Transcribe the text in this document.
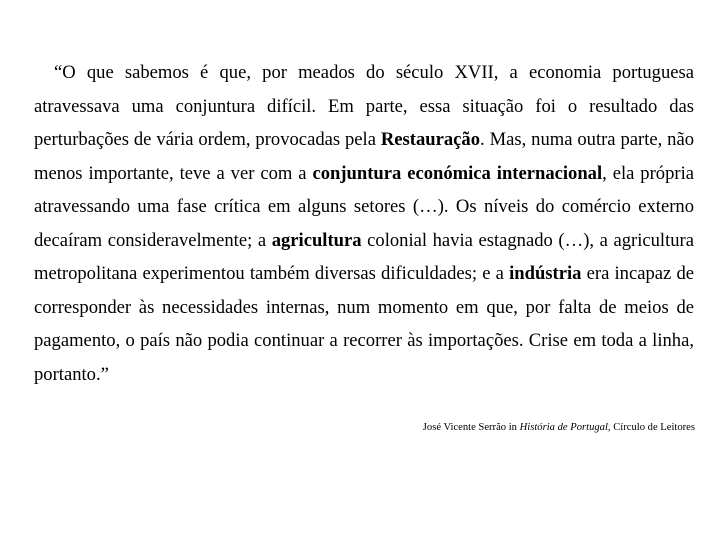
“O que sabemos é que, por meados do século XVII, a economia portuguesa atravessava uma conjuntura difícil. Em parte, essa situação foi o resultado das perturbações de vária ordem, provocadas pela Restauração. Mas, numa outra parte, não menos importante, teve a ver com a conjuntura económica internacional, ela própria atravessando uma fase crítica em alguns setores (…). Os níveis do comércio externo decaíram consideravelmente; a agricultura colonial havia estagnado (…), a agricultura metropolitana experimentou também diversas dificuldades; e a indústria era incapaz de corresponder às necessidades internas, num momento em que, por falta de meios de pagamento, o país não podia continuar a recorrer às importações. Crise em toda a linha, portanto.”

José Vicente Serrão in História de Portugal, Círculo de Leitores
